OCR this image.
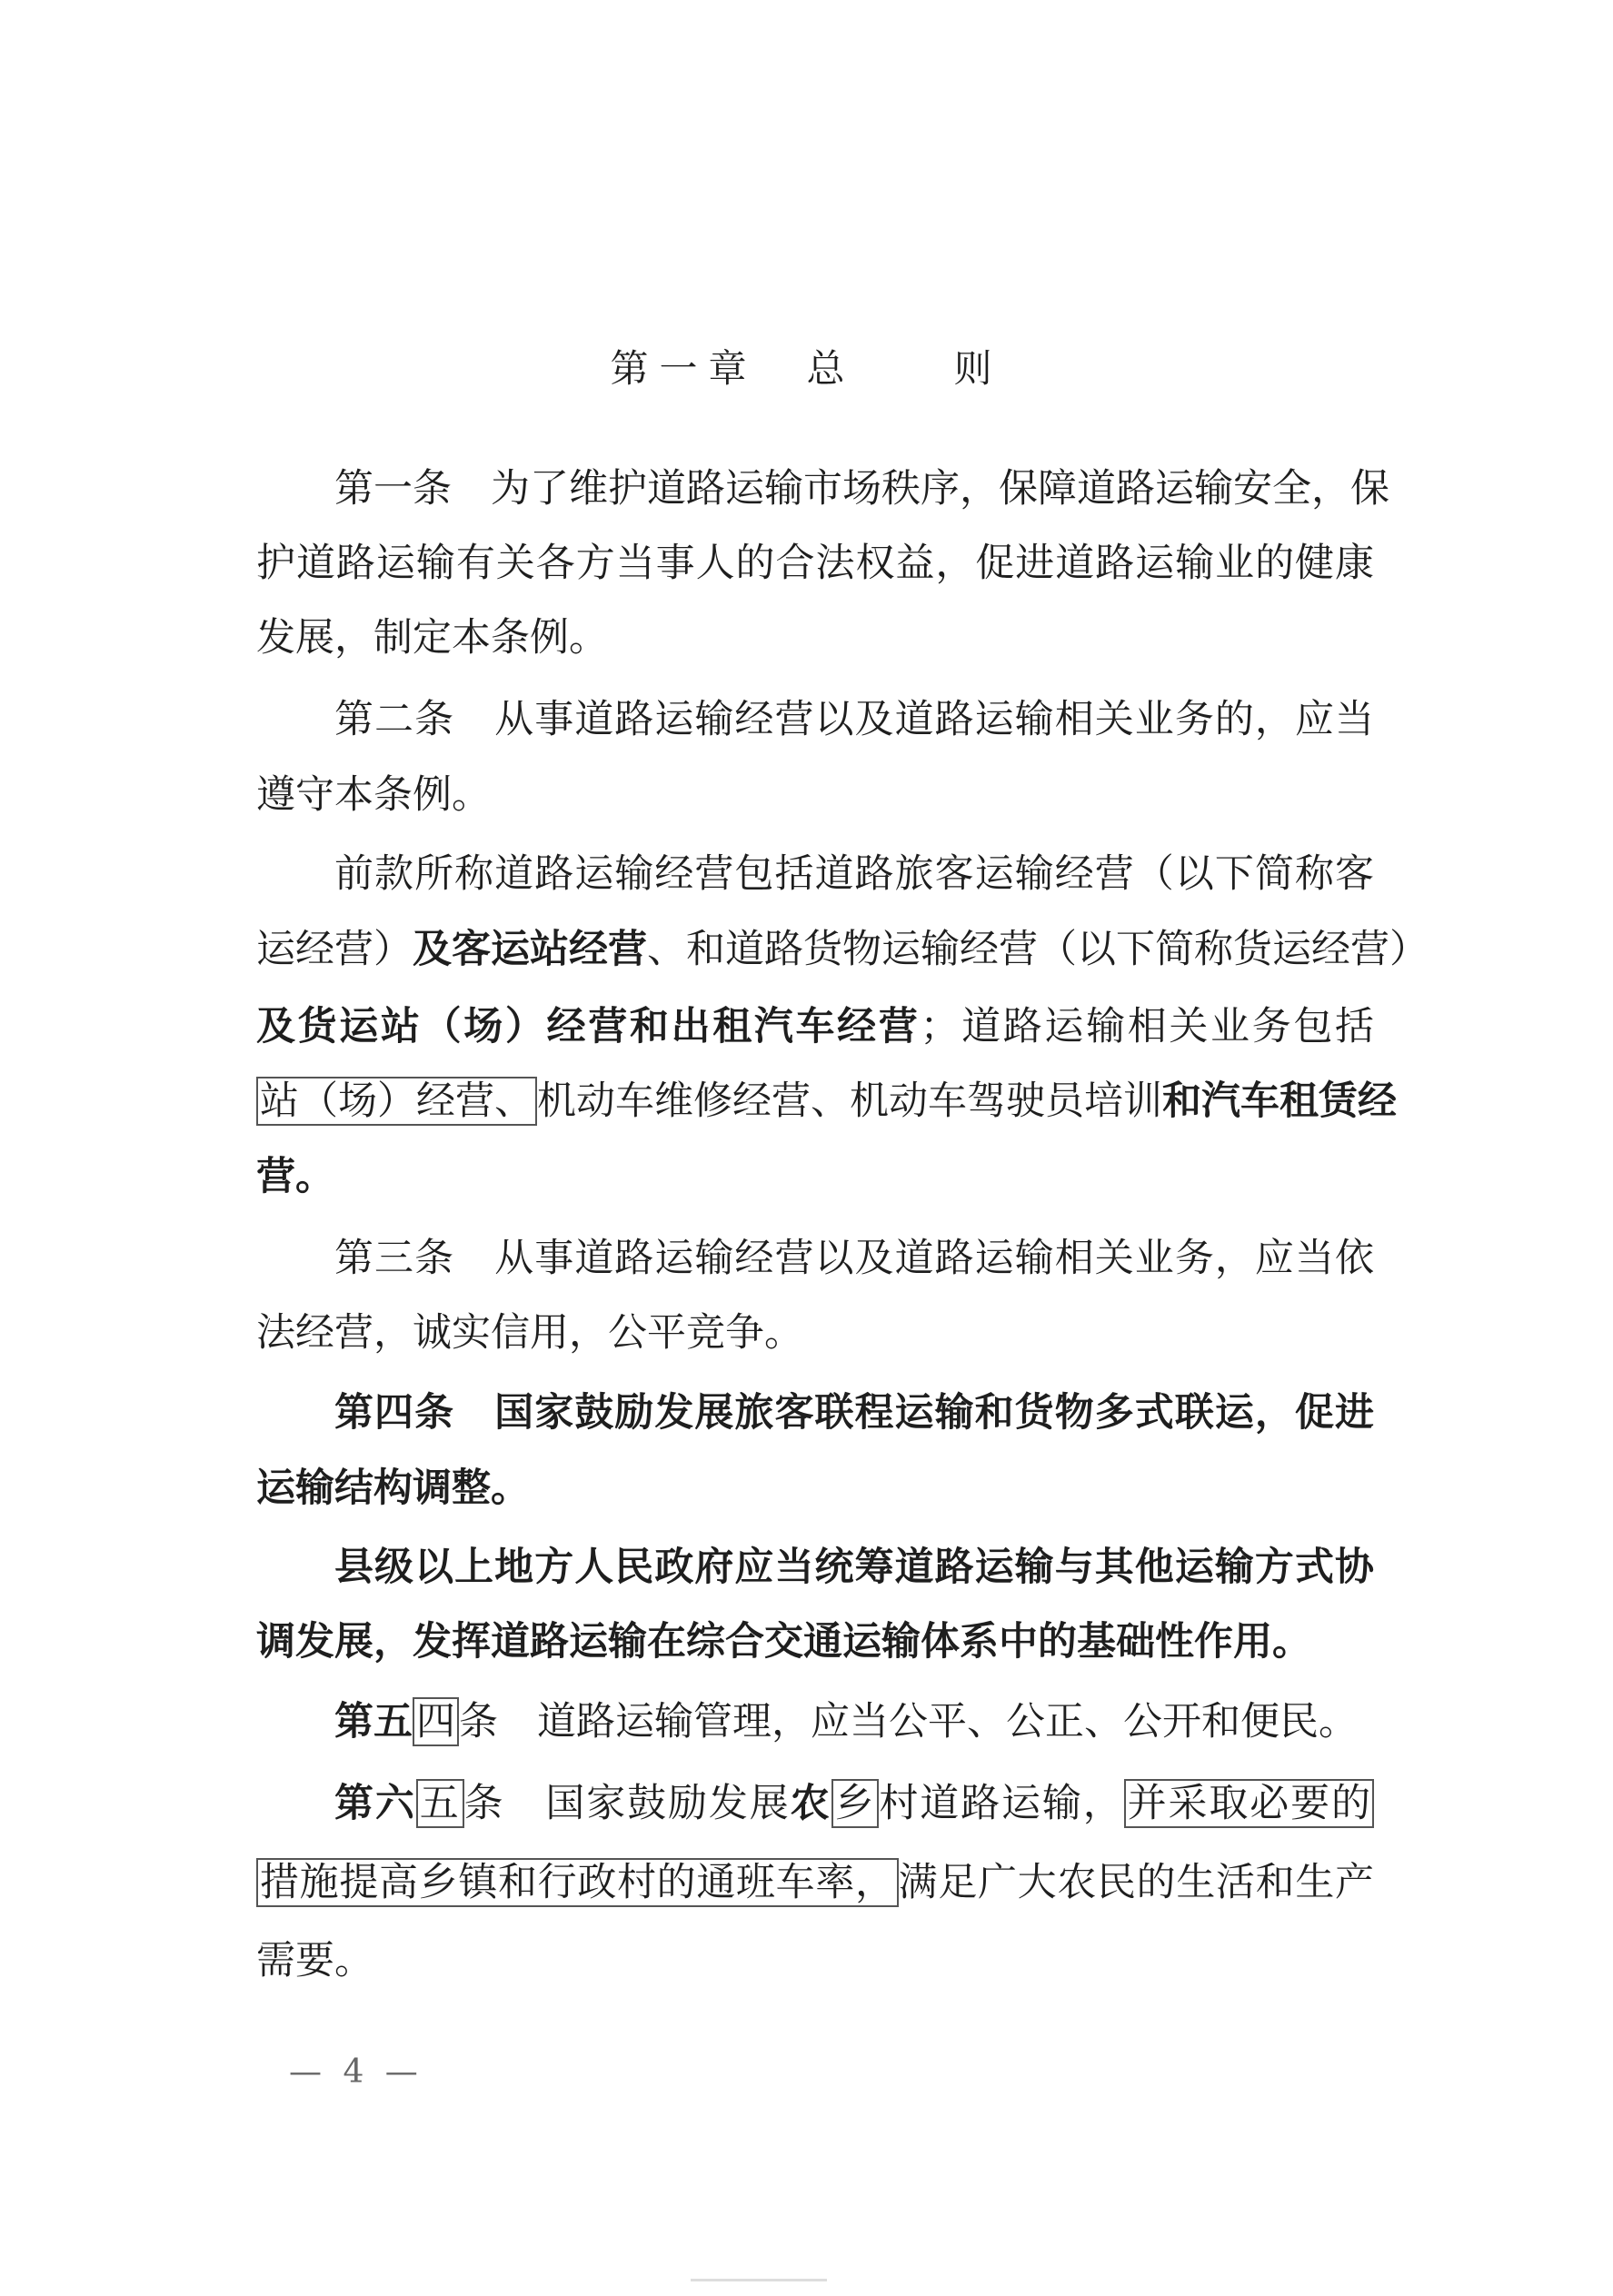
第一章　总　　则
第一条　为了维护道路运输市场秩序，保障道路运输安全，保
护道路运输有关各方当事人的合法权益，促进道路运输业的健康
发展，制定本条例。
第二条　从事道路运输经营以及道路运输相关业务的，应当
遵守本条例。
前款所称道路运输经营包括道路旅客运输经营（以下简称客
运经营）及客运站经营、和道路货物运输经营（以下简称货运经营）
及货运站（场）经营和出租汽车经营；道路运输相关业务包括
站（场）经营、机动车维修经营、机动车驾驶员培训和汽车租赁经
营。
第三条　从事道路运输经营以及道路运输相关业务，应当依
法经营，诚实信用，公平竞争。
第四条　国家鼓励发展旅客联程运输和货物多式联运，促进
运输结构调整。
县级以上地方人民政府应当统筹道路运输与其他运输方式协
调发展，发挥道路运输在综合交通运输体系中的基础性作用。
第五四条　道路运输管理，应当公平、公正、公开和便民。
第六五条　国家鼓励发展农乡村道路运输，并采取必要的
措施提高乡镇和行政村的通班车率，满足广大农民的生活和生产
需要。
— 4 —
